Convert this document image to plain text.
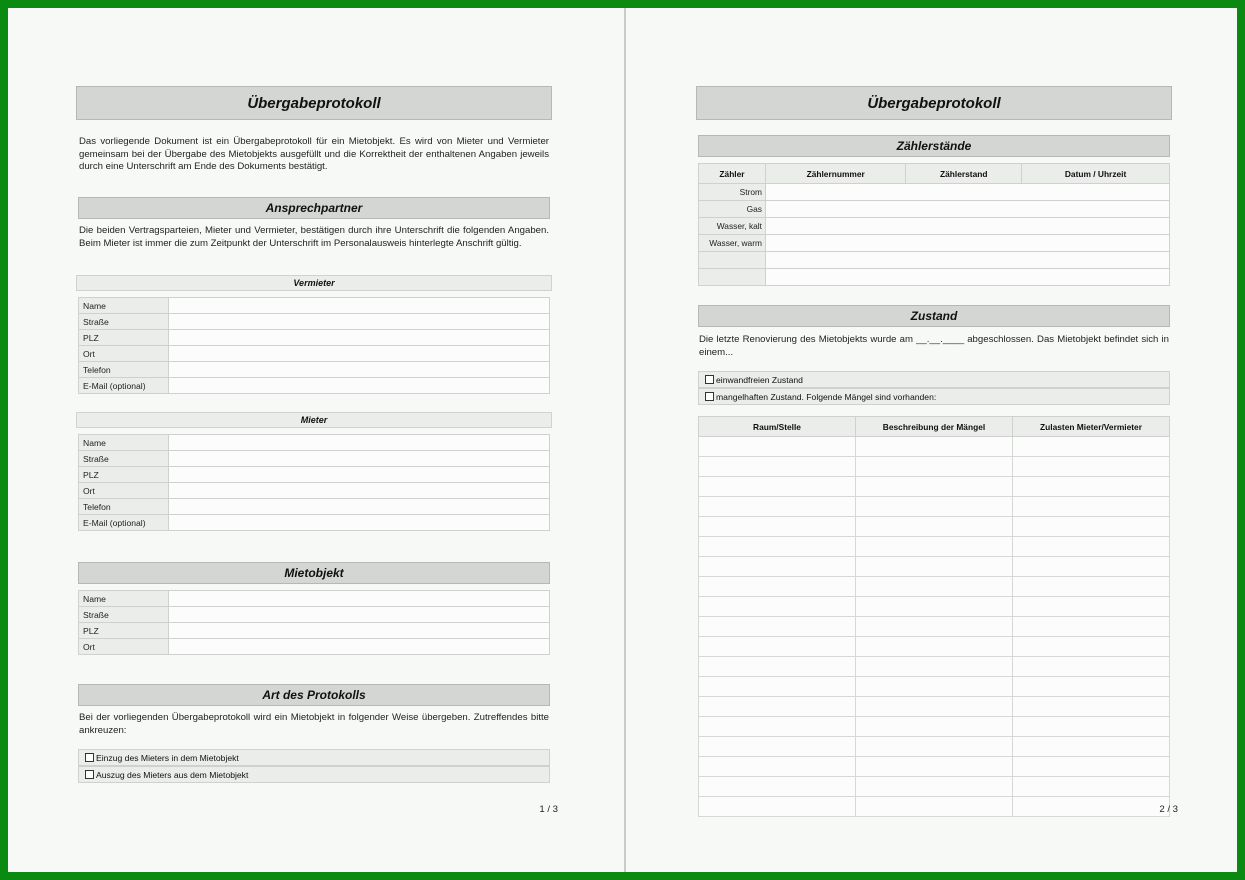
Übergabeprotokoll
Das vorliegende Dokument ist ein Übergabeprotokoll für ein Mietobjekt. Es wird von Mieter und Vermieter gemeinsam bei der Übergabe des Mietobjekts ausgefüllt und die Korrektheit der enthaltenen Angaben jeweils durch eine Unterschrift am Ende des Dokuments bestätigt.
Ansprechpartner
Die beiden Vertragsparteien, Mieter und Vermieter, bestätigen durch ihre Unterschrift die folgenden Angaben. Beim Mieter ist immer die zum Zeitpunkt der Unterschrift im Personalausweis hinterlegte Anschrift gültig.
Vermieter
Name	
Straße	
PLZ	
Ort	
Telefon	
E-Mail (optional)	
Mieter
Name	
Straße	
PLZ	
Ort	
Telefon	
E-Mail (optional)	
Mietobjekt
Name	
Straße	
PLZ	
Ort	
Art des Protokolls
Bei der vorliegenden Übergabeprotokoll wird ein Mietobjekt in folgender Weise übergeben. Zutreffendes bitte ankreuzen:
Einzug des Mieters in dem Mietobjekt
Auszug des Mieters aus dem Mietobjekt
1 / 3
Übergabeprotokoll
Zählerstände
Zähler	Zählernummer	Zählerstand	Datum / Uhrzeit
Strom			
Gas			
Wasser, kalt			
Wasser, warm			

Zustand
Die letzte Renovierung des Mietobjekts wurde am __.__.____ abgeschlossen. Das Mietobjekt befindet sich in einem...
einwandfreien Zustand
mangelhaften Zustand. Folgende Mängel sind vorhanden:
Raum/Stelle	Beschreibung der Mängel	Zulasten Mieter/Vermieter

2 / 3
